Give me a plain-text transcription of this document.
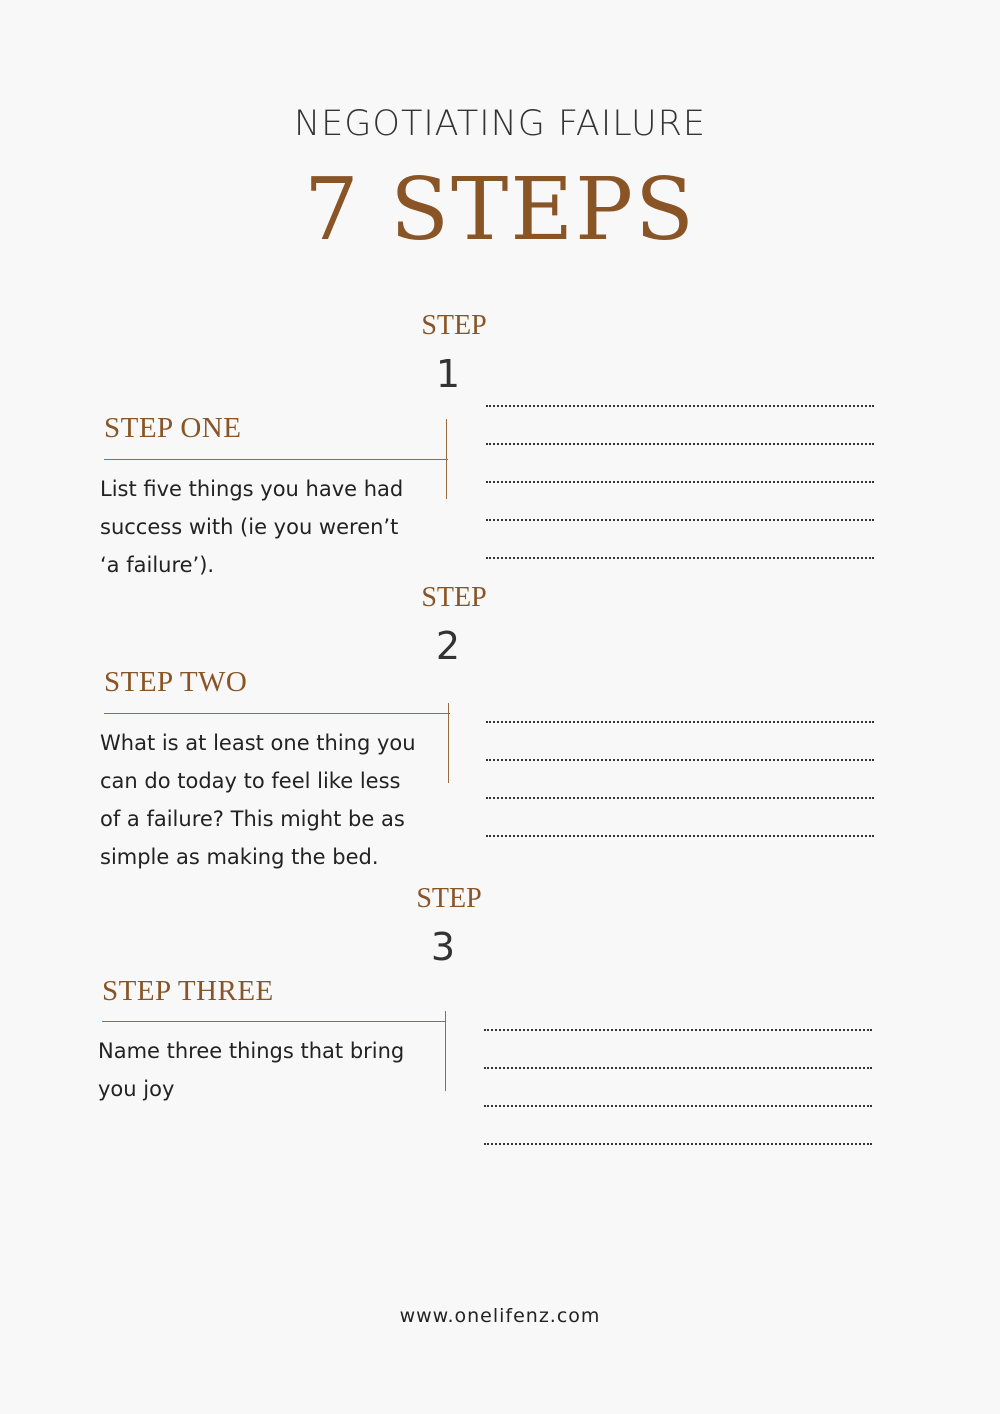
NEGOTIATING FAILURE
7 STEPS
STEP
1
STEP ONE
List five things you have had success with (ie you weren’t ‘a failure’).
STEP
2
STEP TWO
What is at least one thing you can do today to feel like less of a failure? This might be as simple as making the bed.
STEP
3
STEP THREE
Name three things that bring you joy
www.onelifenz.com
